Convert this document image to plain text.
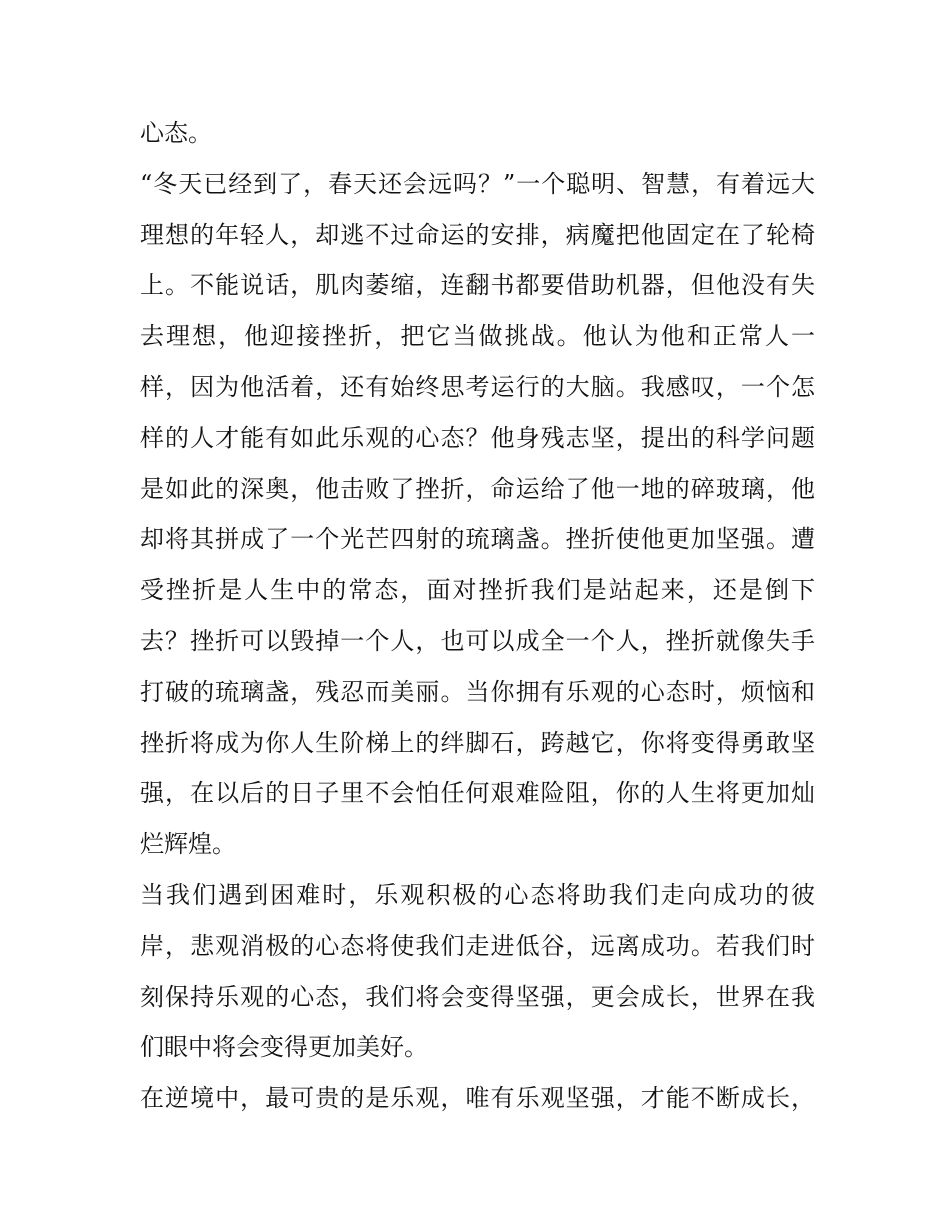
心态。
“冬天已经到了，春天还会远吗？”一个聪明、智慧，有着远大
理想的年轻人，却逃不过命运的安排，病魔把他固定在了轮椅
上。不能说话，肌肉萎缩，连翻书都要借助机器，但他没有失
去理想，他迎接挫折，把它当做挑战。他认为他和正常人一
样，因为他活着，还有始终思考运行的大脑。我感叹，一个怎
样的人才能有如此乐观的心态？他身残志坚，提出的科学问题
是如此的深奥，他击败了挫折，命运给了他一地的碎玻璃，他
却将其拼成了一个光芒四射的琉璃盏。挫折使他更加坚强。遭
受挫折是人生中的常态，面对挫折我们是站起来，还是倒下
去？挫折可以毁掉一个人，也可以成全一个人，挫折就像失手
打破的琉璃盏，残忍而美丽。当你拥有乐观的心态时，烦恼和
挫折将成为你人生阶梯上的绊脚石，跨越它，你将变得勇敢坚
强，在以后的日子里不会怕任何艰难险阻，你的人生将更加灿
烂辉煌。
当我们遇到困难时，乐观积极的心态将助我们走向成功的彼
岸，悲观消极的心态将使我们走进低谷，远离成功。若我们时
刻保持乐观的心态，我们将会变得坚强，更会成长，世界在我
们眼中将会变得更加美好。
在逆境中，最可贵的是乐观，唯有乐观坚强，才能不断成长，
